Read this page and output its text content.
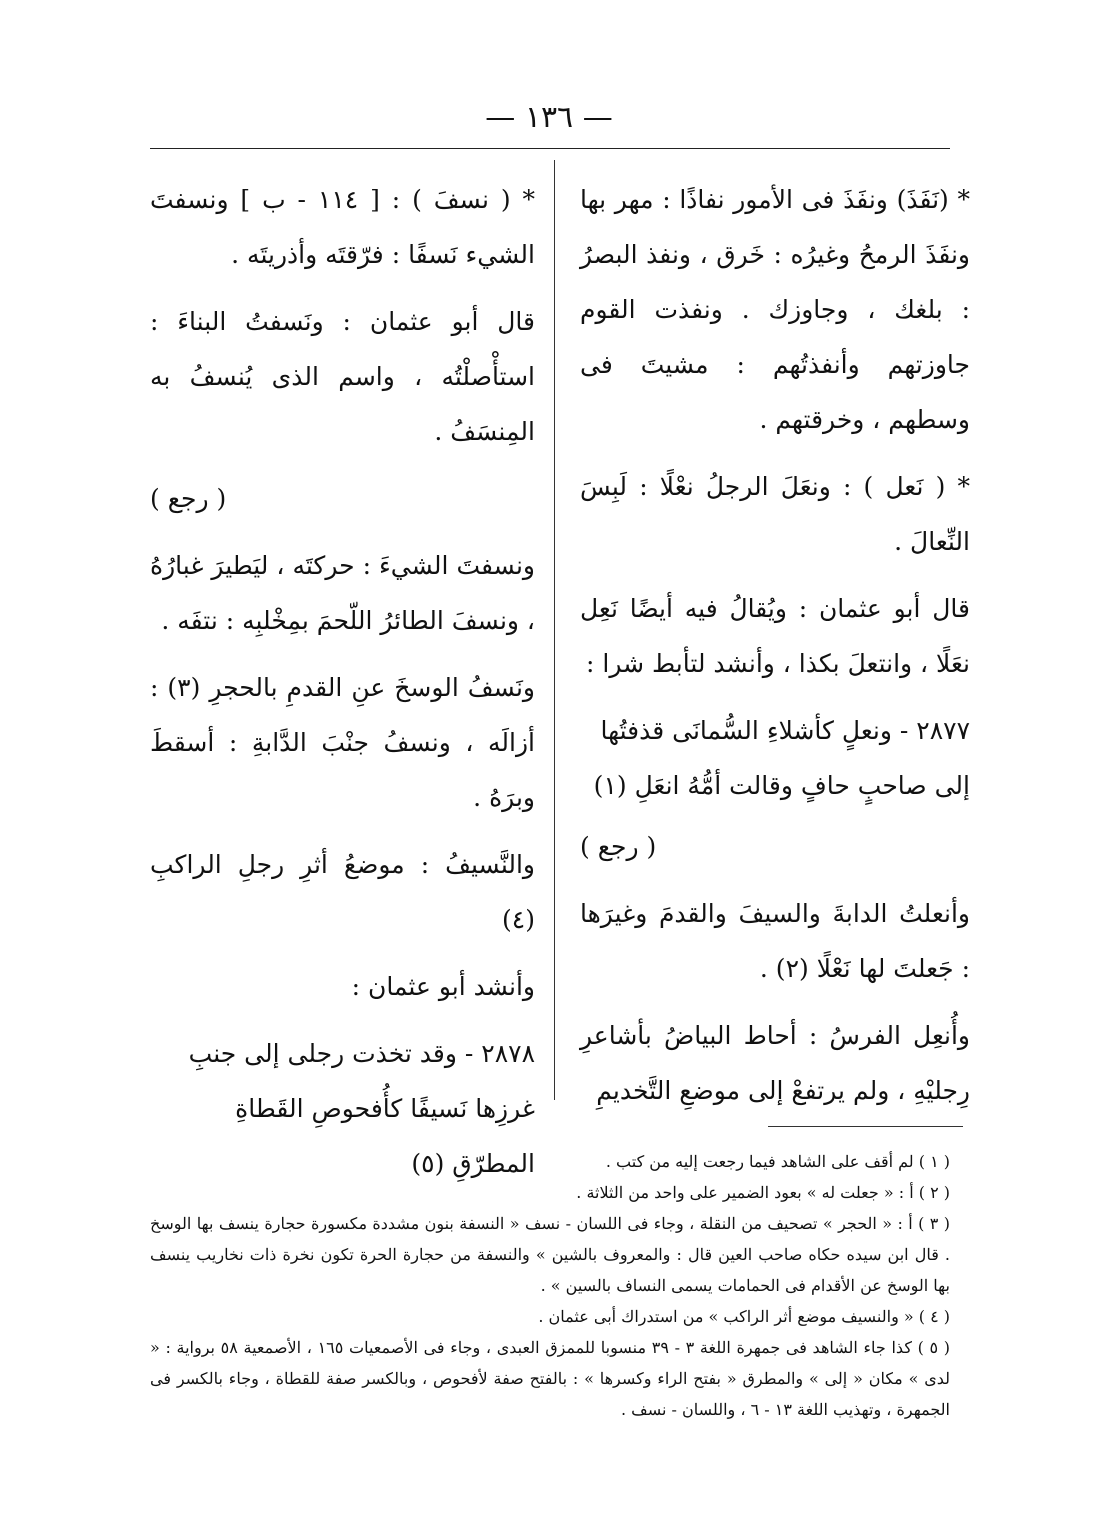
— ١٣٦ —

* (نَفَذَ) ونفَذَ فى الأمور نفاذًا : مهر بها ونفَذَ الرمحُ وغيرُه : خَرق ، ونفذ البصرُ : بلغك ، وجاوزك . ونفذت القوم جاوزتهم وأنفذتُهم : مشيتَ فى وسطهم ، وخرقتهم .

* ( نَعل ) : ونعَلَ الرجلُ نعْلًا : لَبِسَ النِّعالَ .

قال أبو عثمان : ويُقالُ فيه أيضًا نَعِل نعَلًا ، وانتعلَ بكذا ، وأنشد لتأبط شرا :

٢٨٧٧ - ونعلٍ كأشلاءِ السُّمانَى قذفتُها إلى صاحبٍ حافٍ وقالت أمُّهُ انعَلِ (١)

( رجع )

وأنعلتُ الدابةَ والسيفَ والقدمَ وغيرَها : جَعلتَ لها نَعْلًا (٢) .

وأُنعِل الفرسُ : أحاط البياضُ بأشاعرِ رِجليْهِ ، ولم يرتفعْ إلى موضعِ التَّخديمِ

* ( نسفَ ) : [ ١١٤ - ب ] ونسفتَ الشيء نَسفًا : فرّقتَه وأذريتَه .

قال أبو عثمان : ونَسفتُ البناءَ : استأْصلْتُه ، واسم الذى يُنسفُ به المِنسَفُ .

( رجع )

ونسفتَ الشيءَ : حركتَه ، ليَطيرَ غبارُهُ ، ونسفَ الطائرُ اللّحمَ بمِخْلبِه : نتفَه .

ونَسفُ الوسخَ عنِ القدمِ بالحجرِ (٣) : أزالَه ، ونسفُ جنْبَ الدَّابةِ : أسقطَ وبرَهُ .

والنَّسيفُ : موضعُ أثرِ رجلِ الراكبِ (٤)

وأنشد أبو عثمان :

٢٨٧٨ - وقد تخذت رجلى إلى جنبِ غرزِها نَسيفًا كأُفحوصِ القَطاةِ المطرّقِ (٥)	( ١ ) لم أقف على الشاهد فيما رجعت إليه من كتب .

( ٢ ) أ : « جعلت له » بعود الضمير على واحد من الثلاثة .

( ٣ ) أ : « الحجر » تصحيف من النقلة ، وجاء فى اللسان - نسف « النسفة بنون مشددة مكسورة حجارة ينسف بها الوسخ . قال ابن سيده حكاه صاحب العين قال : والمعروف بالشين » والنسفة من حجارة الحرة تكون نخرة ذات نخاريب ينسف بها الوسخ عن الأقدام فى الحمامات يسمى النساف بالسين » .

( ٤ ) « والنسيف موضع أثر الراكب » من استدراك أبى عثمان .

( ٥ ) كذا جاء الشاهد فى جمهرة اللغة ٣ - ٣٩ منسوبا للممزق العبدى ، وجاء فى الأصمعيات ١٦٥ ، الأصمعية ٥٨ برواية : « لدى » مكان « إلى » والمطرق « بفتح الراء وكسرها » : بالفتح صفة لأفحوص ، وبالكسر صفة للقطاة ، وجاء بالكسر فى الجمهرة ، وتهذيب اللغة ١٣ - ٦ ، واللسان - نسف .
